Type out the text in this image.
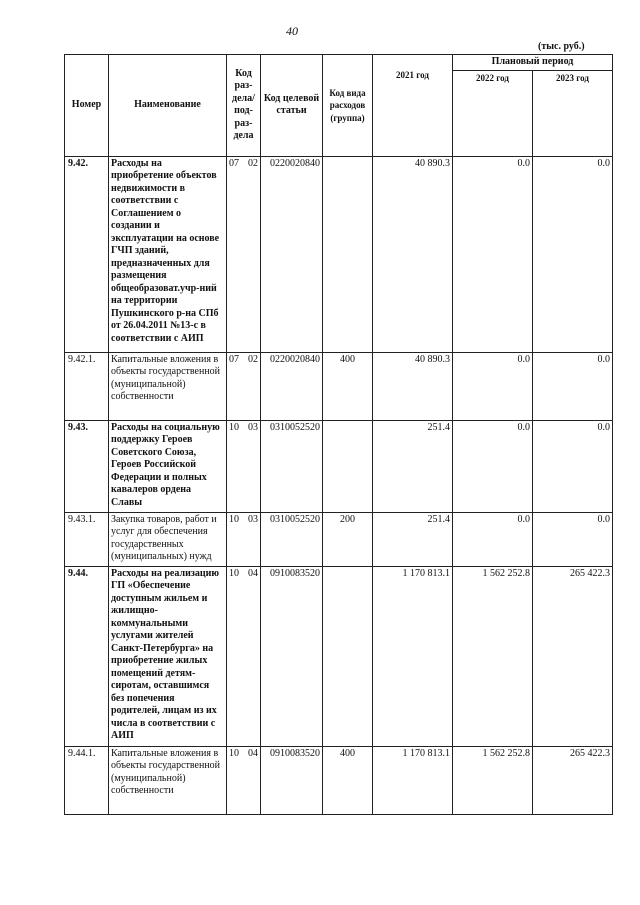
40
(тыс. руб.)
Номер	Наименование	Код раз-дела/ под-раз-дела	Код целевой статьи	Код вида расходов (группа)	2021 год	Плановый период	
						2022 год	2023 год
9.42.	Расходы на приобретение объектов недвижимости в соответствии с Соглашением о создании и эксплуатации на основе ГЧП зданий, предназначенных для размещения общеобразоват.учр-ний на территории Пушкинского р-на СПб от 26.04.2011 №13-с в соответствии с АИП	07 02	0220020840		40 890.3	0.0	0.0
9.42.1.	Капитальные вложения в объекты государственной (муниципальной) собственности	07 02	0220020840	400	40 890.3	0.0	0.0
9.43.	Расходы на социальную поддержку Героев Советского Союза, Героев Российской Федерации и полных кавалеров ордена Славы	10 03	0310052520		251.4	0.0	0.0
9.43.1.	Закупка товаров, работ и услуг для обеспечения государственных (муниципальных) нужд	10 03	0310052520	200	251.4	0.0	0.0
9.44.	Расходы на реализацию ГП «Обеспечение доступным жильем и жилищно-коммунальными услугами жителей Санкт-Петербурга» на приобретение жилых помещений детям-сиротам, оставшимся без попечения родителей, лицам из их числа в соответствии с АИП	10 04	0910083520		1 170 813.1	1 562 252.8	265 422.3
9.44.1.	Капитальные вложения в объекты государственной (муниципальной) собственности	10 04	0910083520	400	1 170 813.1	1 562 252.8	265 422.3
